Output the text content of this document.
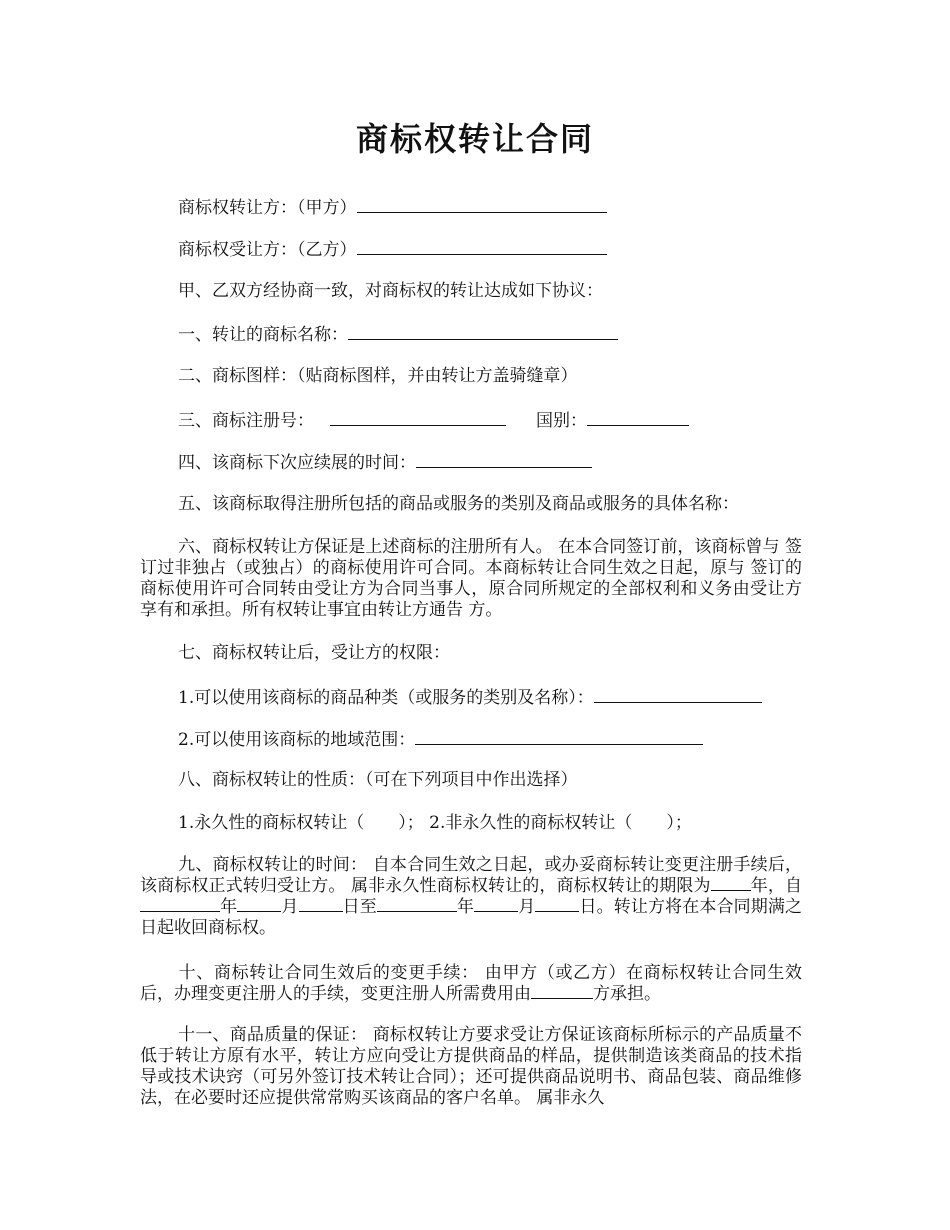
商标权转让合同
商标权转让方：（甲方）
商标权受让方：（乙方）
甲、乙双方经协商一致，对商标权的转让达成如下协议：
一、转让的商标名称：
二、商标图样：（贴商标图样，并由转让方盖骑缝章）
三、商标注册号：	国别：
四、该商标下次应续展的时间：
五、该商标取得注册所包括的商品或服务的类别及商品或服务的具体名称：
六、商标权转让方保证是上述商标的注册所有人。 在本合同签订前，该商标曾与 签订过非独占（或独占）的商标使用许可合同。本商标转让合同生效之日起，原与 签订的商标使用许可合同转由受让方为合同当事人，原合同所规定的全部权利和义务由受让方享有和承担。所有权转让事宜由转让方通告 方。
七、商标权转让后，受让方的权限：
1.可以使用该商标的商品种类（或服务的类别及名称）：
2.可以使用该商标的地域范围：
八、商标权转让的性质：（可在下列项目中作出选择）
1.永久性的商标权转让（　　）； 2.非永久性的商标权转让（　　）；
九、商标权转让的时间： 自本合同生效之日起，或办妥商标转让变更注册手续后，该商标权正式转归受让方。 属非永久性商标权转让的，商标权转让的期限为 年，自年	月	日至	年	月	日。转让方将在本合同期满之日起收回商标权。
十、商标转让合同生效后的变更手续： 由甲方（或乙方）在商标权转让合同生效后，办理变更注册人的手续，变更注册人所需费用由	方承担。
十一、商品质量的保证： 商标权转让方要求受让方保证该商标所标示的产品质量不低于转让方原有水平，转让方应向受让方提供商品的样品，提供制造该类商品的技术指导或技术诀窍（可另外签订技术转让合同）；还可提供商品说明书、商品包装、商品维修法，在必要时还应提供常常购买该商品的客户名单。 属非永久
